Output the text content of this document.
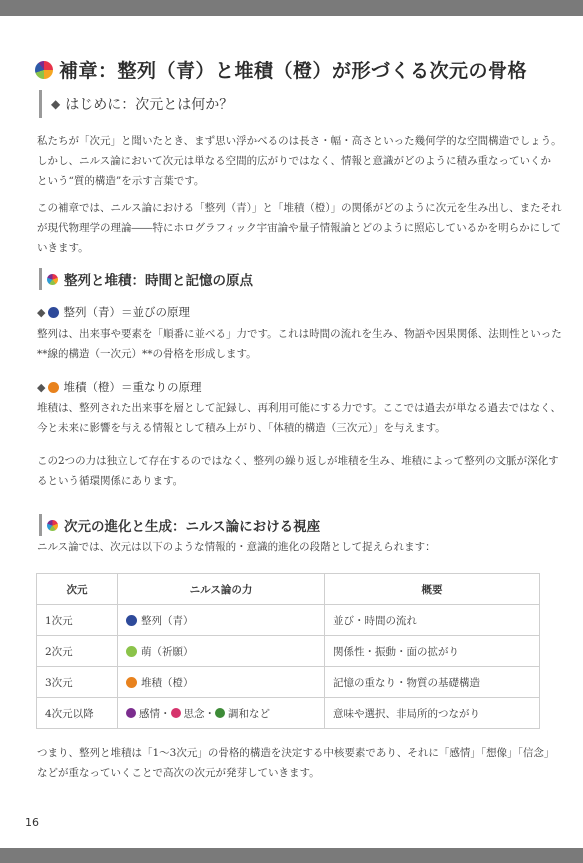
補章：整列（青）と堆積（橙）が形づくる次元の骨格
◆ はじめに：次元とは何か？

私たちが「次元」と聞いたとき、まず思い浮かべるのは長さ・幅・高さといった幾何学的な空間構造でしょう。
しかし、ニルス論において次元は単なる空間的広がりではなく、情報と意識がどのように積み重なっていくか
という“質的構造”を示す言葉です。

この補章では、ニルス論における「整列（青）」と「堆積（橙）」の関係がどのように次元を生み出し、またそれ
が現代物理学の理論――特にホログラフィック宇宙論や量子情報論とどのように照応しているかを明らかにして
いきます。

整列と堆積：時間と記憶の原点
◆ 整列（青）＝並びの原理

整列は、出来事や要素を「順番に並べる」力です。これは時間の流れを生み、物語や因果関係、法則性といった
**線的構造（一次元）**の骨格を形成します。

◆ 堆積（橙）＝重なりの原理

堆積は、整列された出来事を層として記録し、再利用可能にする力です。ここでは過去が単なる過去ではなく、
今と未来に影響を与える情報として積み上がり、「体積的構造（三次元）」を与えます。

この2つの力は独立して存在するのではなく、整列の繰り返しが堆積を生み、堆積によって整列の文脈が深化す
るという循環関係にあります。

次元の進化と生成：ニルス論における視座

ニルス論では、次元は以下のような情報的・意識的進化の段階として捉えられます：

次元	ニルス論の力	概要
1次元	整列（青）	並び・時間の流れ
2次元	萌（祈願）	関係性・振動・面の拡がり
3次元	堆積（橙）	記憶の重なり・物質の基礎構造
4次元以降	感情・ 思念・ 調和など	意味や選択、非局所的つながり

つまり、整列と堆積は「1〜3次元」の骨格的構造を決定する中核要素であり、それに「感情」「想像」「信念」
などが重なっていくことで高次の次元が発芽していきます。

16
